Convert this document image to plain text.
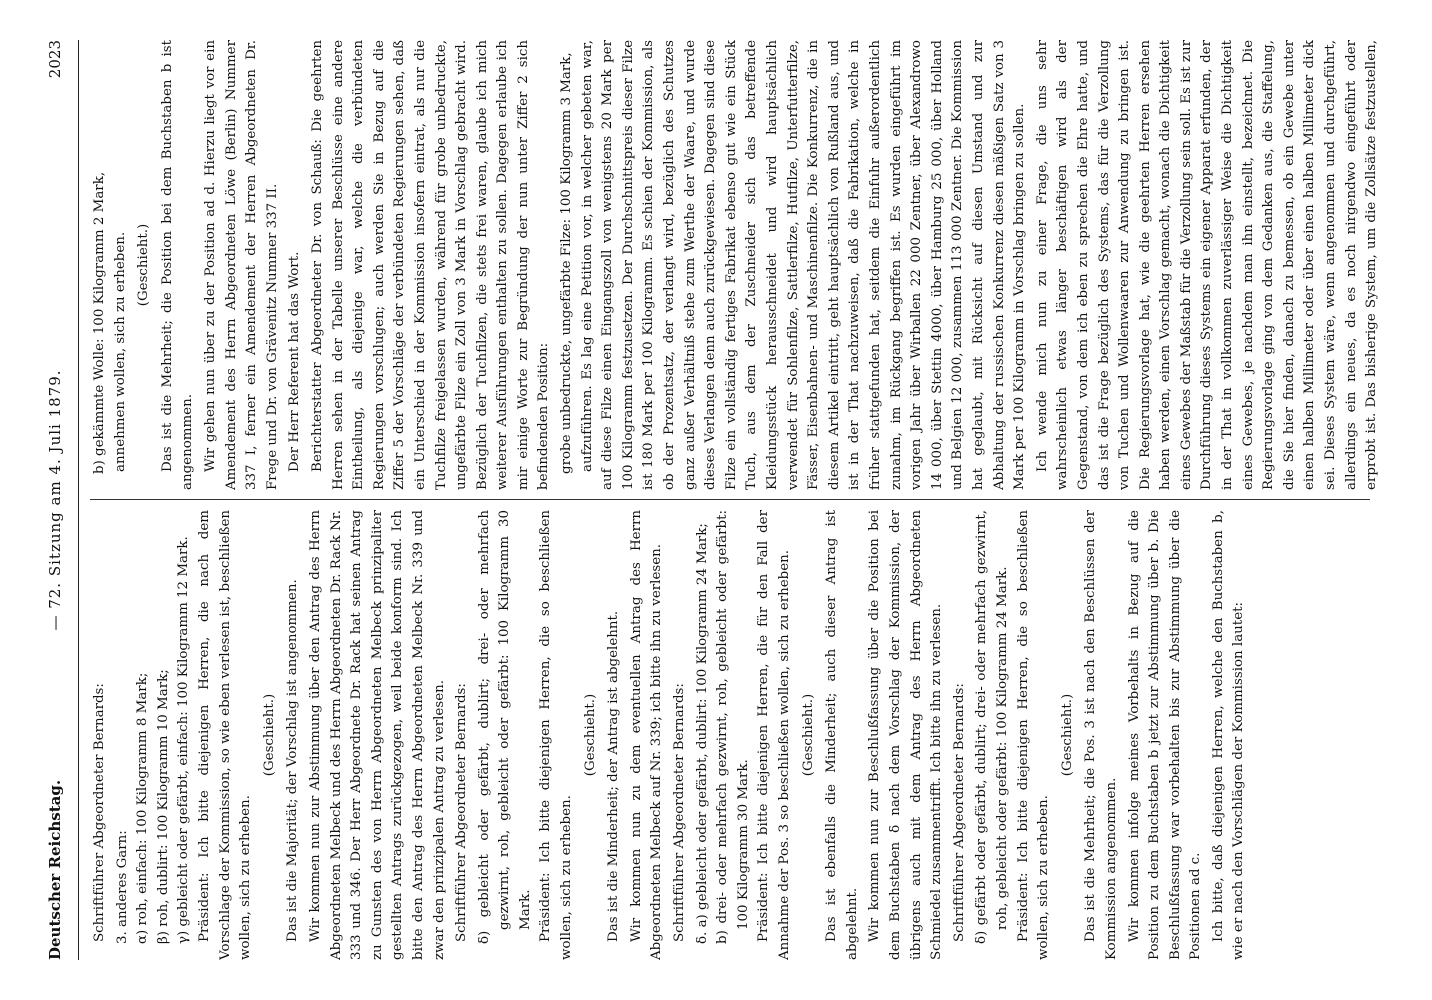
Deutscher Reichstag.
— 72. Sitzung am 4. Juli 1879.
2023

Schriftführer Abgeordneter Bernards: 3. anderes Garn: α) roh, einfach: 100 Kilogramm 8 Mark; β) roh, dublirt: 100 Kilogramm 10 Mark; γ) gebleicht oder gefärbt, einfach: 100 Kilogramm 12 Mark. Präsident: Ich bitte diejenigen Herren, die nach dem Vorschlage der Kommission, so wie eben verlesen ist, beschließen wollen, sich zu erheben.

(Geschieht.) Das ist die Majorität; der Vorschlag ist angenommen. Wir kommen nun zur Abstimmung über den Antrag des Herrn Abgeordneten Melbeck und des Herrn Abgeordneten Dr. Rack Nr. 333 und 346. Der Herr Abgeordnete Dr. Rack hat seinen Antrag zu Gunsten des von Herrn Abgeordneten Melbeck prinzipaliter gestellten Antrags zurückgezogen, weil beide konform sind. Ich bitte den Antrag des Herrn Abgeordneten Melbeck Nr. 339 und zwar den prinzipalen Antrag zu verlesen. Schriftführer Abgeordneter Bernards: δ) gebleicht oder gefärbt, dublirt; drei- oder mehrfach gezwirnt, roh, gebleicht oder gefärbt: 100 Kilogramm 30 Mark. Präsident: Ich bitte diejenigen Herren, die so beschließen wollen, sich zu erheben.

(Geschieht.) Das ist die Minderheit; der Antrag ist abgelehnt. Wir kommen nun zu dem eventuellen Antrag des Herrn Abgeordneten Melbeck auf Nr. 339; ich bitte ihn zu verlesen. Schriftführer Abgeordneter Bernards: δ. a) gebleicht oder gefärbt, dublirt: 100 Kilogramm 24 Mark; b) drei- oder mehrfach gezwirnt, roh, gebleicht oder gefärbt: 100 Kilogramm 30 Mark. Präsident: Ich bitte diejenigen Herren, die für den Fall der Annahme der Pos. 3 so beschließen wollen, sich zu erheben. (Geschieht.) Das ist ebenfalls die Minderheit; auch dieser Antrag ist abgelehnt. Wir kommen nun zur Beschlußfassung über die Position bei dem Buchstaben δ nach dem Vorschlag der Kommission, der übrigens auch mit dem Antrag des Herrn Abgeordneten Schmiedel zusammentrifft. Ich bitte ihn zu verlesen. Schriftführer Abgeordneter Bernards: δ) gefärbt oder gefärbt, dublirt; drei- oder mehrfach gezwirnt, roh, gebleicht oder gefärbt: 100 Kilogramm 24 Mark. Präsident: Ich bitte diejenigen Herren, die so beschließen wollen, sich zu erheben.

(Geschieht.) Das ist die Mehrheit; die Pos. 3 ist nach den Beschlüssen der Kommission angenommen. Wir kommen infolge meines Vorbehalts in Bezug auf die Position zu dem Buchstaben b jetzt zur Abstimmung über b. Die Beschlußfassung war vorbehalten bis zur Abstimmung über die Positionen ad c. Ich bitte, daß diejenigen Herren, welche den Buchstaben b, wie er nach den Vorschlägen der Kommission lautet:

b) gekämmte Wolle: 100 Kilogramm 2 Mark, annehmen wollen, sich zu erheben. (Geschieht.) Das ist die Mehrheit; die Position bei dem Buchstaben b ist angenommen. Wir gehen nun über zu der Position ad d. Hierzu liegt vor ein Amendement des Herrn Abgeordneten Löwe (Berlin) Nummer 337 I, ferner ein Amendement der Herren Abgeordneten Dr. Frege und Dr. von Grävenitz Nummer 337 II. Der Herr Referent hat das Wort. Berichterstatter Abgeordneter Dr. von Schauß: Die geehrten Herren sehen in der Tabelle unserer Beschlüsse eine andere Eintheilung, als diejenige war, welche die verbündeten Regierungen vorschlugen; auch werden Sie in Bezug auf die Ziffer 5 der Vorschläge der verbündeten Regierungen sehen, daß ein Unterschied in der Kommission insofern eintrat, als nur die Tuchfilze freigelassen wurden, während für grobe unbedruckte, ungefärbte Filze ein Zoll von 3 Mark in Vorschlag gebracht wird. Bezüglich der Tuchfilzen, die stets frei waren, glaube ich mich weiterer Ausführungen enthalten zu sollen. Dagegen erlaube ich mir einige Worte zur Begründung der nun unter Ziffer 2 sich befindenden Position: grobe unbedruckte, ungefärbte Filze: 100 Kilogramm 3 Mark, aufzuführen. Es lag eine Petition vor, in welcher gebeten war, auf diese Filze einen Eingangszoll von wenigstens 20 Mark per 100 Kilogramm festzusetzen. Der Durchschnittspreis dieser Filze ist 180 Mark per 100 Kilogramm. Es schien der Kommission, als ob der Prozentsatz, der verlangt wird, bezüglich des Schutzes ganz außer Verhältniß stehe zum Werthe der Waare, und wurde dieses Verlangen denn auch zurückgewiesen. Dagegen sind diese Filze ein vollständig fertiges Fabrikat ebenso gut wie ein Stück Tuch, aus dem der Zuschneider sich das betreffende Kleidungsstück herausschneidet und wird hauptsächlich verwendet für Sohlenfilze, Sattlerfilze, Hutfilze, Unterfutterfilze, Fässer, Eisenbahnen- und Maschinenfilze. Die Konkurrenz, die in diesem Artikel eintritt, geht hauptsächlich von Rußland aus, und ist in der That nachzuweisen, daß die Fabrikation, welche in früher stattgefunden hat, seitdem die Einfuhr außerordentlich zunahm, im Rückgang begriffen ist. Es wurden eingeführt im vorigen Jahr über Wirballen 22 000 Zentner, über Alexandrowo 14 000, über Stettin 4000, über Hamburg 25 000, über Holland und Belgien 12 000, zusammen 113 000 Zentner. Die Kommission hat geglaubt, mit Rücksicht auf diesen Umstand und zur Abhaltung der russischen Konkurrenz diesen mäßigen Satz von 3 Mark per 100 Kilogramm in Vorschlag bringen zu sollen. Ich wende mich nun zu einer Frage, die uns sehr wahrscheinlich etwas länger beschäftigen wird als der Gegenstand, von dem ich eben zu sprechen die Ehre hatte, und das ist die Frage bezüglich des Systems, das für die Verzollung von Tuchen und Wollenwaaren zur Anwendung zu bringen ist. Die Regierungsvorlage hat, wie die geehrten Herren ersehen haben werden, einen Vorschlag gemacht, wonach die Dichtigkeit eines Gewebes der Maßstab für die Verzollung sein soll. Es ist zur Durchführung dieses Systems ein eigener Apparat erfunden, der in der That in vollkommen zuverlässiger Weise die Dichtigkeit eines Gewebes, je nachdem man ihn einstellt, bezeichnet. Die Regierungsvorlage ging von dem Gedanken aus, die Staffelung, die Sie hier finden, danach zu bemessen, ob ein Gewebe unter einen halben Millimeter oder über einen halben Millimeter dick sei. Dieses System wäre, wenn angenommen und durchgeführt, allerdings ein neues, da es noch nirgendwo eingeführt oder erprobt ist. Das bisherige System, um die Zollsätze festzustellen,
